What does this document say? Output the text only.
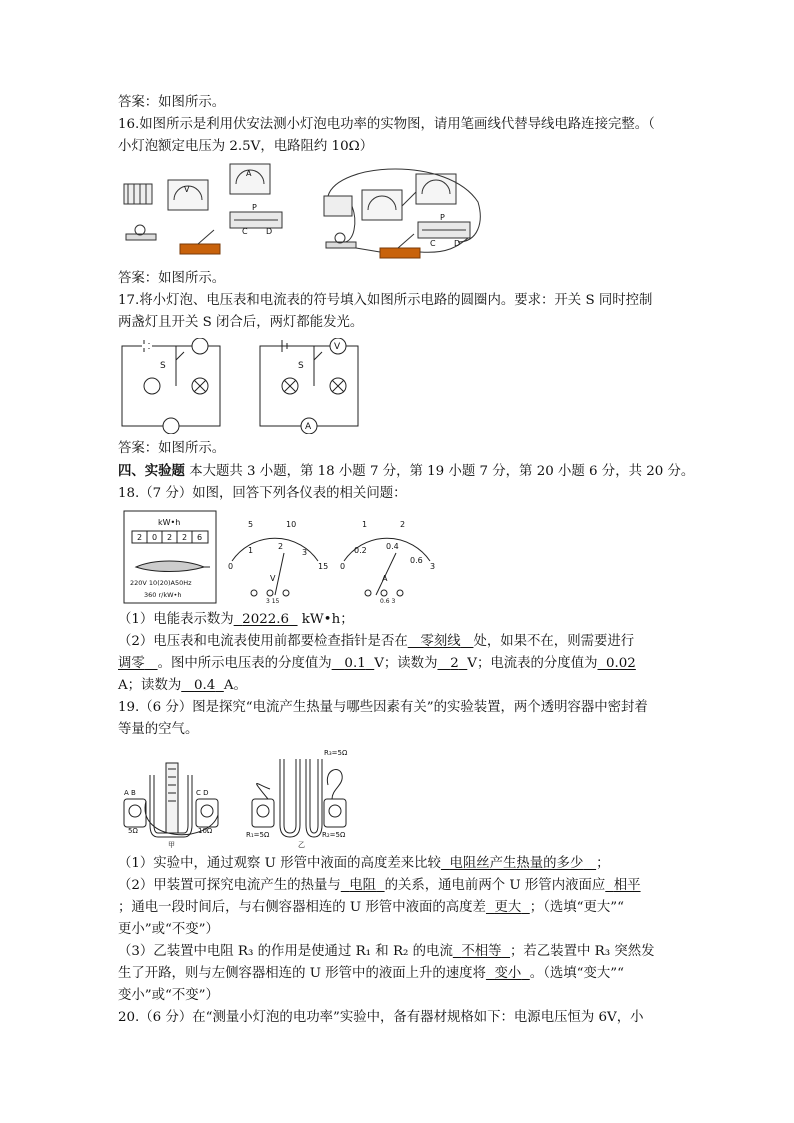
答案：如图所示。
16.如图所示是利用伏安法测小灯泡电功率的实物图，请用笔画线代替导线电路连接完整。（
小灯泡额定电压为 2.5V，电路阻约 10Ω）
V
A
P
C D
P
C D
答案：如图所示。
17.将小灯泡、电压表和电流表的符号填入如图所示电路的圆圈内。要求：开关 S 同时控制
两盏灯且开关 S 闭合后，两灯都能发光。
S	S
V
A
答案：如图所示。
四、实验题 本大题共 3 小题，第 18 小题 7 分，第 19 小题 7 分，第 20 小题 6 分，共 20 分。
18.（7 分）如图，回答下列各仪表的相关问题：
kW•h
2 0 2 2 6
220V 10(20)A50Hz
360 r/kW•h
5	10
0
1	2
3
15
V
3 15
1	2
0
0.2 0.4
0.6
3
A
0.6 3
（1）电能表示数为 2022.6   kW•h；
（2）电压表和电流表使用前都要检查指针是否在 零刻线 处，如果不在，则需要进行
调零 。图中所示电压表的分度值为 0.1 V；读数为 2 V；电流表的分度值为 0.02
A；读数为 0.4 A。
19.（6 分）图是探究“电流产生热量与哪些因素有关”的实验装置，两个透明容器中密封着
等量的空气。
A B	C D
5Ω	10Ω
甲
R₁=5Ω	R₂=5Ω
R₃=5Ω
乙
（1）实验中，通过观察 U 形管中液面的高度差来比较 电阻丝产生热量的多少 ；
（2）甲装置可探究电流产生的热量与 电阻 的关系，通电前两个 U 形管内液面应 相平
；通电一段时间后，与右侧容器相连的 U 形管中液面的高度差 更大 ；（选填“更大”“
更小”或“不变”）
（3）乙装置中电阻 R₃ 的作用是使通过 R₁ 和 R₂ 的电流 不相等 ；若乙装置中 R₃ 突然发
生了开路，则与左侧容器相连的 U 形管中的液面上升的速度将 变小 。（选填“变大”“
变小”或“不变”）
20.（6 分）在“测量小灯泡的电功率”实验中，备有器材规格如下：电源电压恒为 6V，小
